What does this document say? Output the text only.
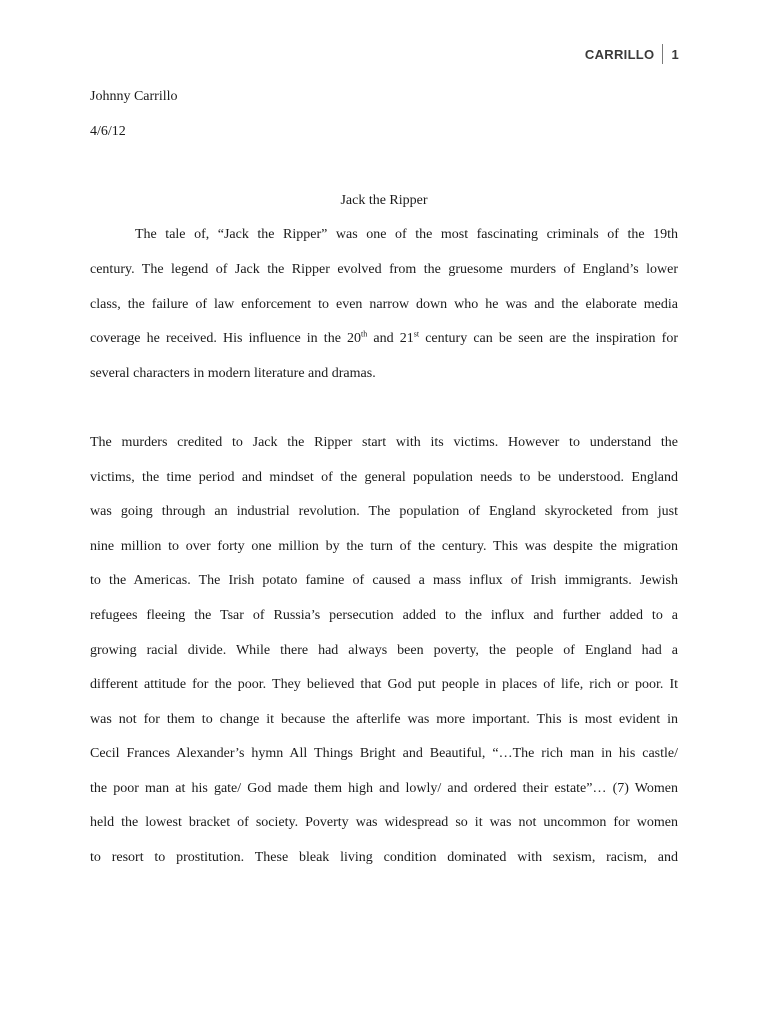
CARRILLO	1
Johnny Carrillo
4/6/12
Jack the Ripper
The tale of, “Jack the Ripper” was one of the most fascinating criminals of the 19th
century. The legend of Jack the Ripper evolved from the gruesome murders of England’s lower
class, the failure of law enforcement to even narrow down who he was and the elaborate media
coverage he received. His influence in the 20th and 21st century can be seen are the inspiration for
several characters in modern literature and dramas.
The murders credited to Jack the Ripper start with its victims. However to understand the
victims, the time period and mindset of the general population needs to be understood. England
was going through an industrial revolution. The population of England skyrocketed from just
nine million to over forty one million by the turn of the century. This was despite the migration
to the Americas. The Irish potato famine of caused a mass influx of Irish immigrants. Jewish
refugees fleeing the Tsar of Russia’s persecution added to the influx and further added to a
growing racial divide. While there had always been poverty, the people of England had a
different attitude for the poor. They believed that God put people in places of life, rich or poor. It
was not for them to change it because the afterlife was more important. This is most evident in
Cecil Frances Alexander’s hymn All Things Bright and Beautiful, “…The rich man in his castle/
the poor man at his gate/ God made them high and lowly/ and ordered their estate”… (7) Women
held the lowest bracket of society. Poverty was widespread so it was not uncommon for women
to resort to prostitution. These bleak living condition dominated with sexism, racism, and
